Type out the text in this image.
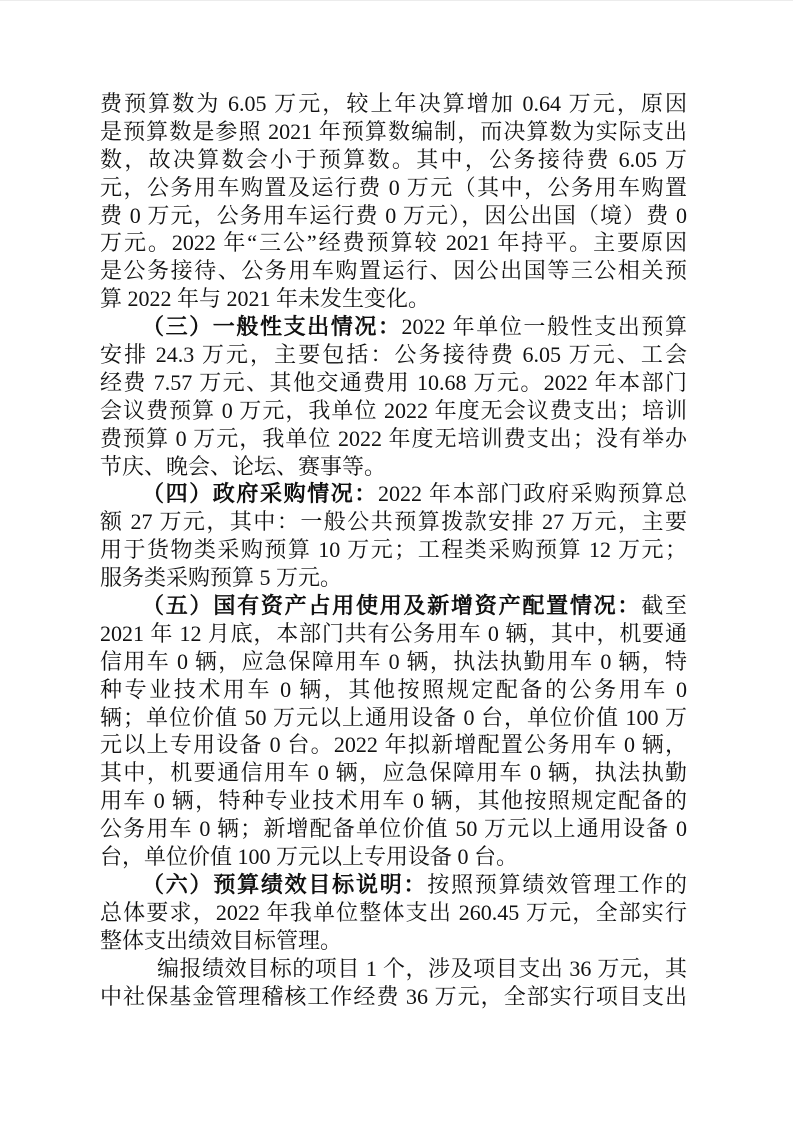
费预算数为 6.05 万元，较上年决算增加 0.64 万元，原因
是预算数是参照 2021 年预算数编制，而决算数为实际支出
数，故决算数会小于预算数。其中，公务接待费 6.05 万
元，公务用车购置及运行费 0 万元（其中，公务用车购置
费 0 万元，公务用车运行费 0 万元），因公出国（境）费 0
万元。2022 年“三公”经费预算较 2021 年持平。主要原因
是公务接待、公务用车购置运行、因公出国等三公相关预
算 2022 年与 2021 年未发生变化。
（三）一般性支出情况：2022 年单位一般性支出预算
安排 24.3 万元，主要包括：公务接待费 6.05 万元、工会
经费 7.57 万元、其他交通费用 10.68 万元。2022 年本部门
会议费预算 0 万元，我单位 2022 年度无会议费支出；培训
费预算 0 万元，我单位 2022 年度无培训费支出；没有举办
节庆、晚会、论坛、赛事等。
（四）政府采购情况：2022 年本部门政府采购预算总
额 27 万元，其中：一般公共预算拨款安排 27 万元，主要
用于货物类采购预算 10 万元；工程类采购预算 12 万元；
服务类采购预算 5 万元。
（五）国有资产占用使用及新增资产配置情况：截至
2021 年 12 月底，本部门共有公务用车 0 辆，其中，机要通
信用车 0 辆，应急保障用车 0 辆，执法执勤用车 0 辆，特
种专业技术用车 0 辆，其他按照规定配备的公务用车 0
辆；单位价值 50 万元以上通用设备 0 台，单位价值 100 万
元以上专用设备 0 台。2022 年拟新增配置公务用车 0 辆，
其中，机要通信用车 0 辆，应急保障用车 0 辆，执法执勤
用车 0 辆，特种专业技术用车 0 辆，其他按照规定配备的
公务用车 0 辆；新增配备单位价值 50 万元以上通用设备 0
台，单位价值 100 万元以上专用设备 0 台。
（六）预算绩效目标说明：按照预算绩效管理工作的
总体要求，2022 年我单位整体支出 260.45 万元，全部实行
整体支出绩效目标管理。
编报绩效目标的项目 1 个，涉及项目支出 36 万元，其
中社保基金管理稽核工作经费 36 万元，全部实行项目支出
